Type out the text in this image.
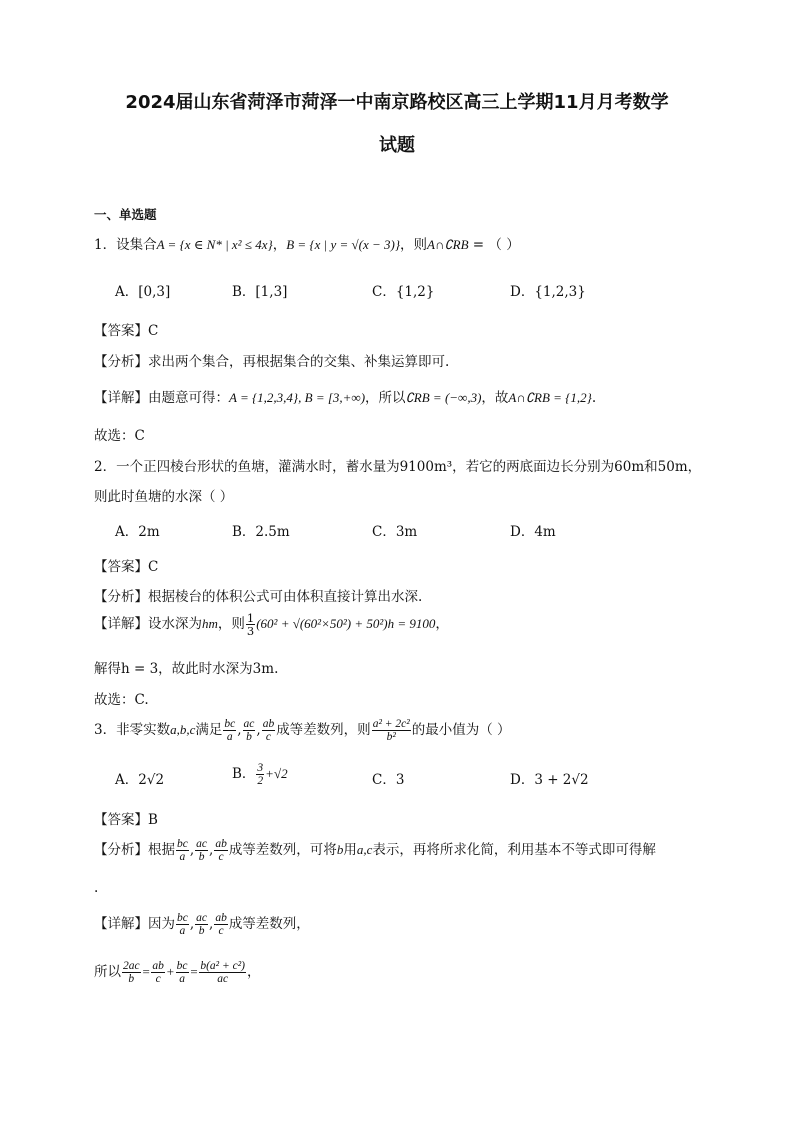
2024届山东省菏泽市菏泽一中南京路校区高三上学期11月月考数学
试题
一、单选题
1．设集合A = {x ∈ N* | x² ≤ 4x}，B = {x | y = √(x − 3)}，则A∩∁RB = （ ）
A．[0,3]	B．[1,3]	C．{1,2}	D．{1,2,3}
【答案】C
【分析】求出两个集合，再根据集合的交集、补集运算即可.
【详解】由题意可得：A = {1,2,3,4}, B = [3,+∞)，所以∁RB = (−∞,3)，故A∩∁RB = {1,2}.
故选：C
2．一个正四棱台形状的鱼塘，灌满水时，蓄水量为9100m³，若它的两底面边长分别为60m和50m，
则此时鱼塘的水深（ ）
A．2m	B．2.5m	C．3m	D．4m
【答案】C
【分析】根据棱台的体积公式可由体积直接计算出水深.
【详解】设水深为hm，则 $\frac{1}{3} (60^2 + √(60^2\times 50^2) + 50^2)h = 9100$，
解得h = 3，故此时水深为3m.
故选：C.
3．非零实数a,b,c满足 $\frac{bc}{a}$ , $\frac{ac}{b}$ , $\frac{ab}{c}$ 成等差数列，则 $\frac{\text{a² + 2c²}}{\text{b²}}$ 的最小值为（ ）
A．2√2	B． $\frac{3}{2} +√2$	C．3	D．3 + 2√2
【答案】B
【分析】根据 $\frac{bc}{a}$ , $\frac{ac}{b}$ , $\frac{ab}{c}$ 成等差数列，可将b用a,c表示，再将所求化简，利用基本不等式即可得解
.
【详解】因为 $\frac{bc}{a}$ , $\frac{ac}{b}$ , $\frac{ab}{c}$ 成等差数列，
所以 $\frac{2ac}{b} = \frac{ab}{c} + \frac{bc}{a} = \frac{\text{b(a² + c²)}}{ac}$ ，
